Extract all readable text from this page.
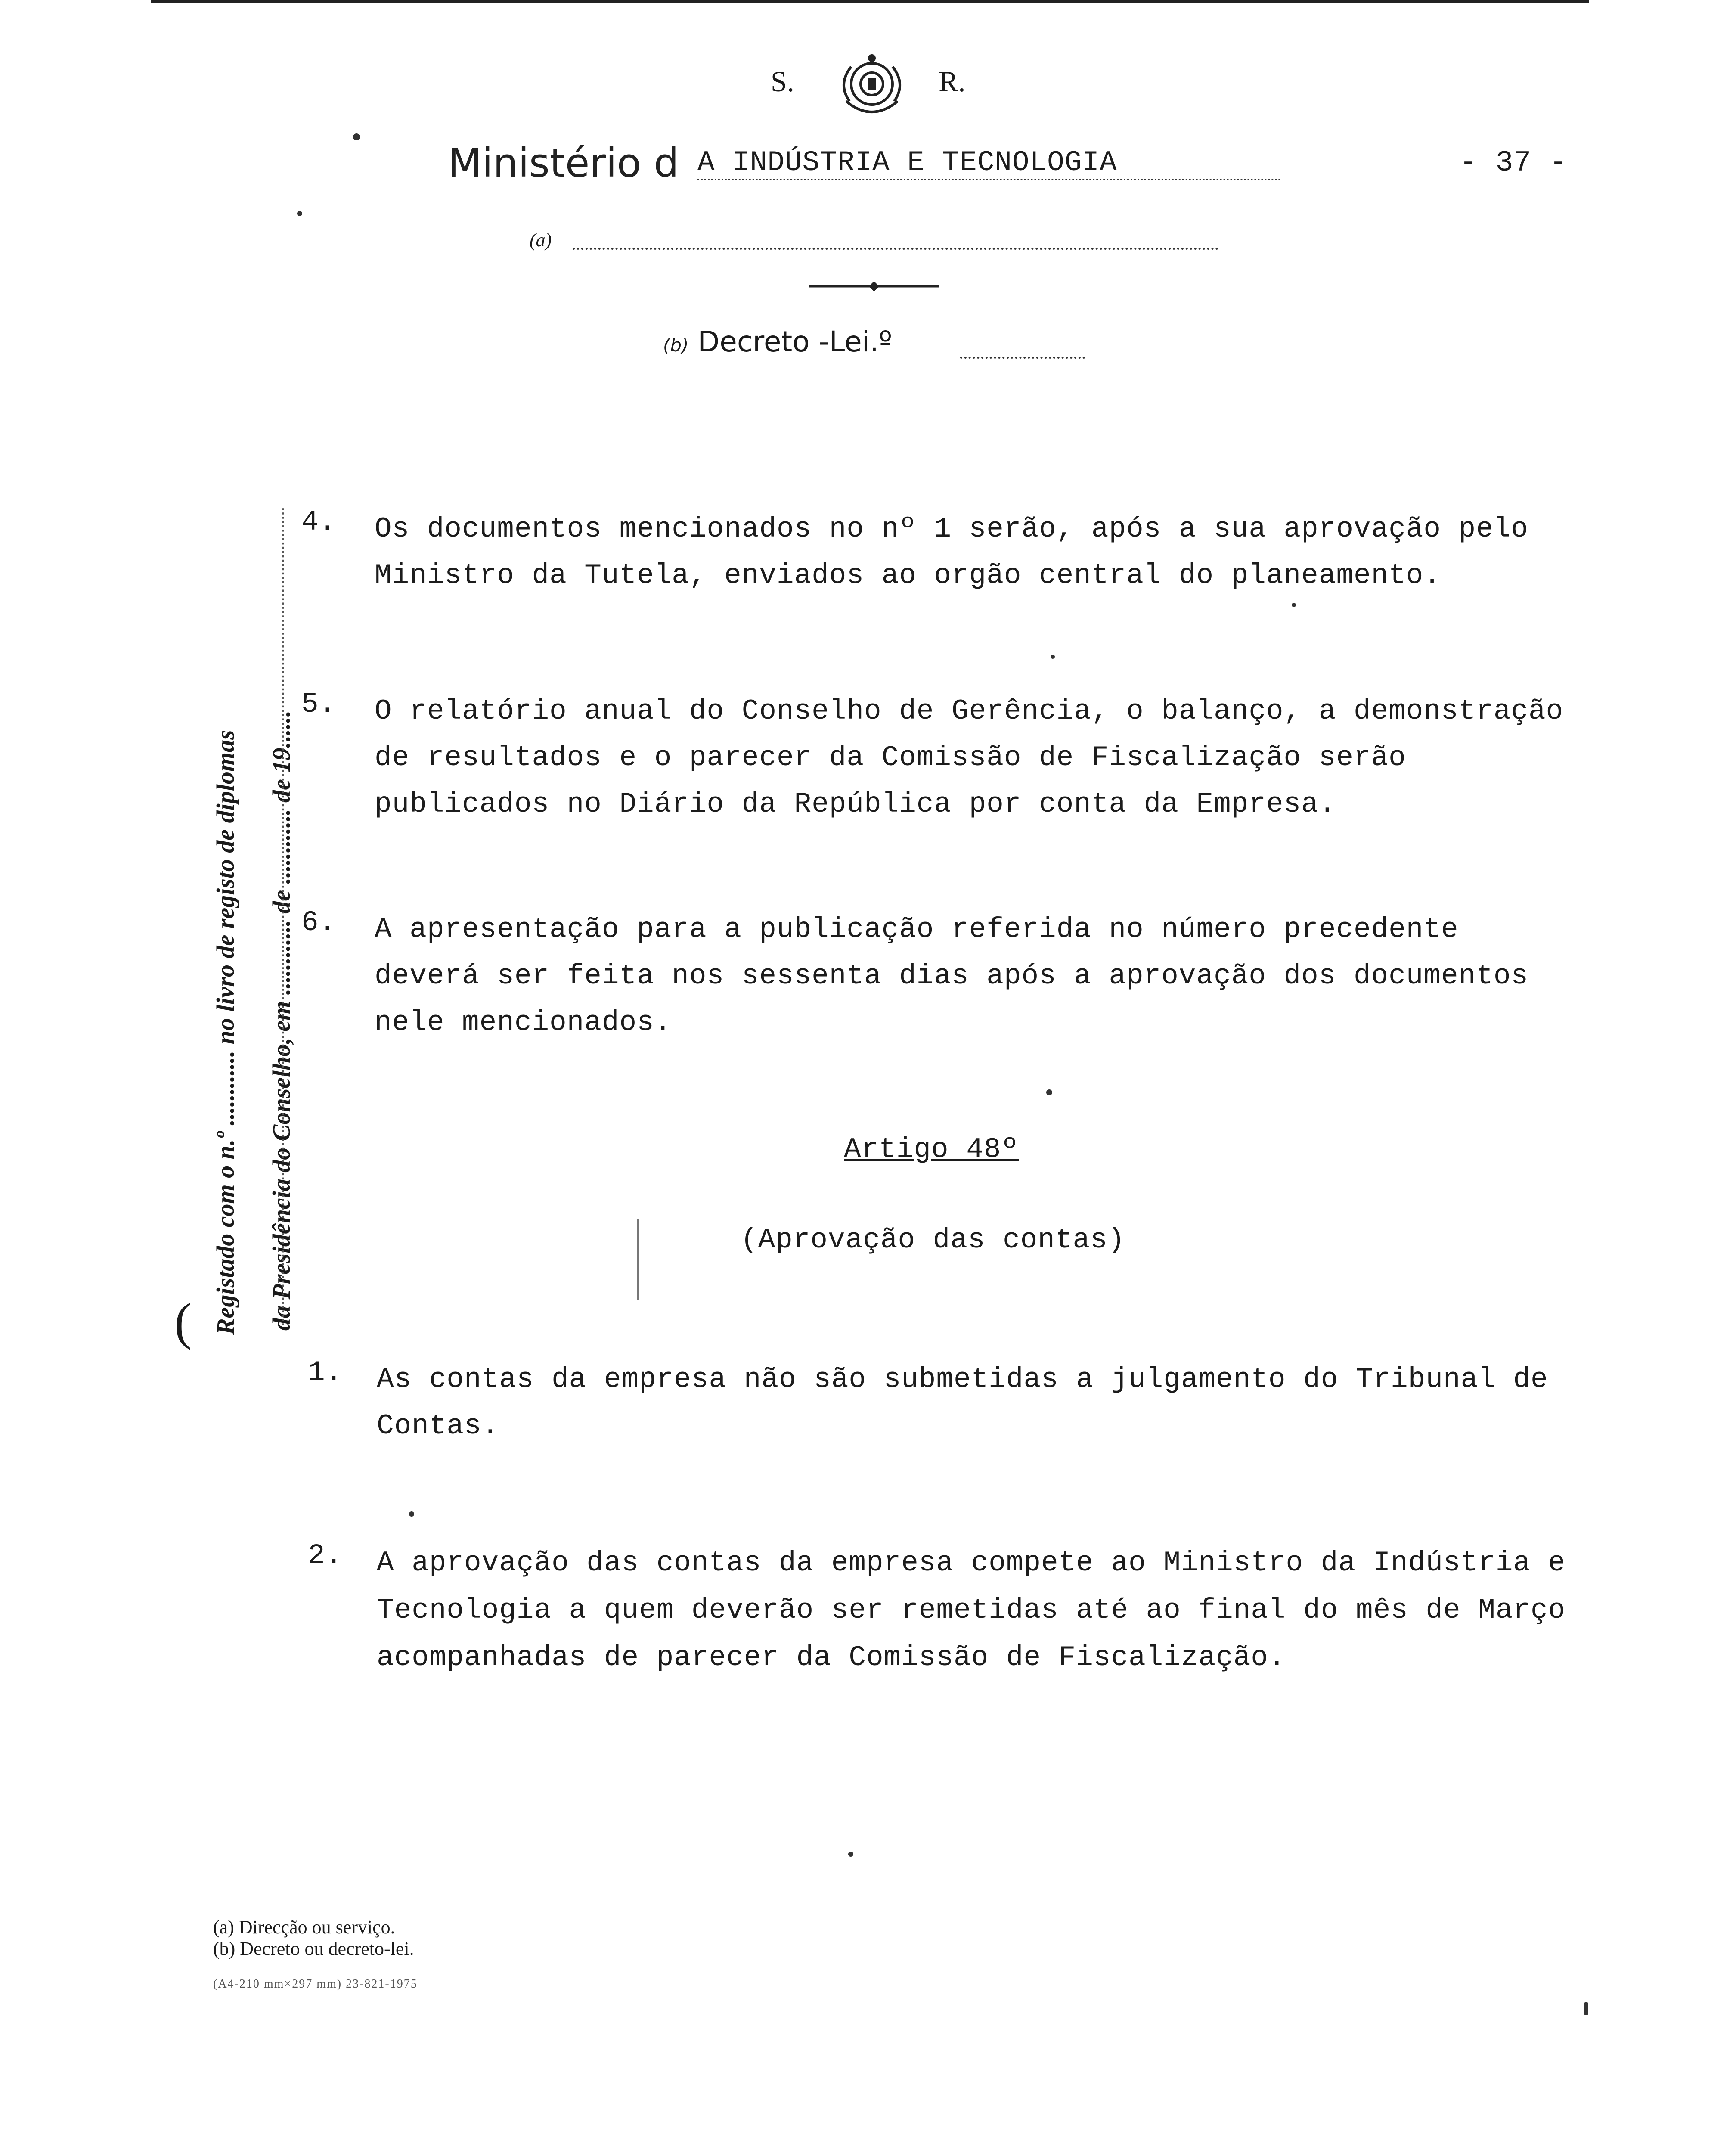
S.	R.
Ministério d A INDÚSTRIA E TECNOLOGIA	- 37 -
(a)
(b) Decreto -Lei.º
Registado com o n.º ............ no livro de registo de diplomas	da Presidência do Conselho, em ............ de ............ de 19......
(
4. Os documentos mencionados no nº 1 serão, após a sua aprovação pelo Ministro da Tutela, enviados ao orgão central do planeamento.
5. O relatório anual do Conselho de Gerência, o balanço, a demonstração de resultados e o parecer da Comissão de Fiscalização serão publicados no Diário da República por conta da Empresa.
6. A apresentação para a publicação referida no número precedente deverá ser feita nos sessenta dias após a aprovação dos documentos nele mencionados.
Artigo 48º
(Aprovação das contas)
1. As contas da empresa não são submetidas a julgamento do Tribunal de Contas.
2. A aprovação das contas da empresa compete ao Ministro da Indústria e Tecnologia a quem deverão ser remetidas até ao final do mês de Março acompanhadas de parecer da Comissão de Fiscalização.
(a) Direcção ou serviço.
(b) Decreto ou decreto-lei.
(A4-210 mm×297 mm) 23-821-1975
